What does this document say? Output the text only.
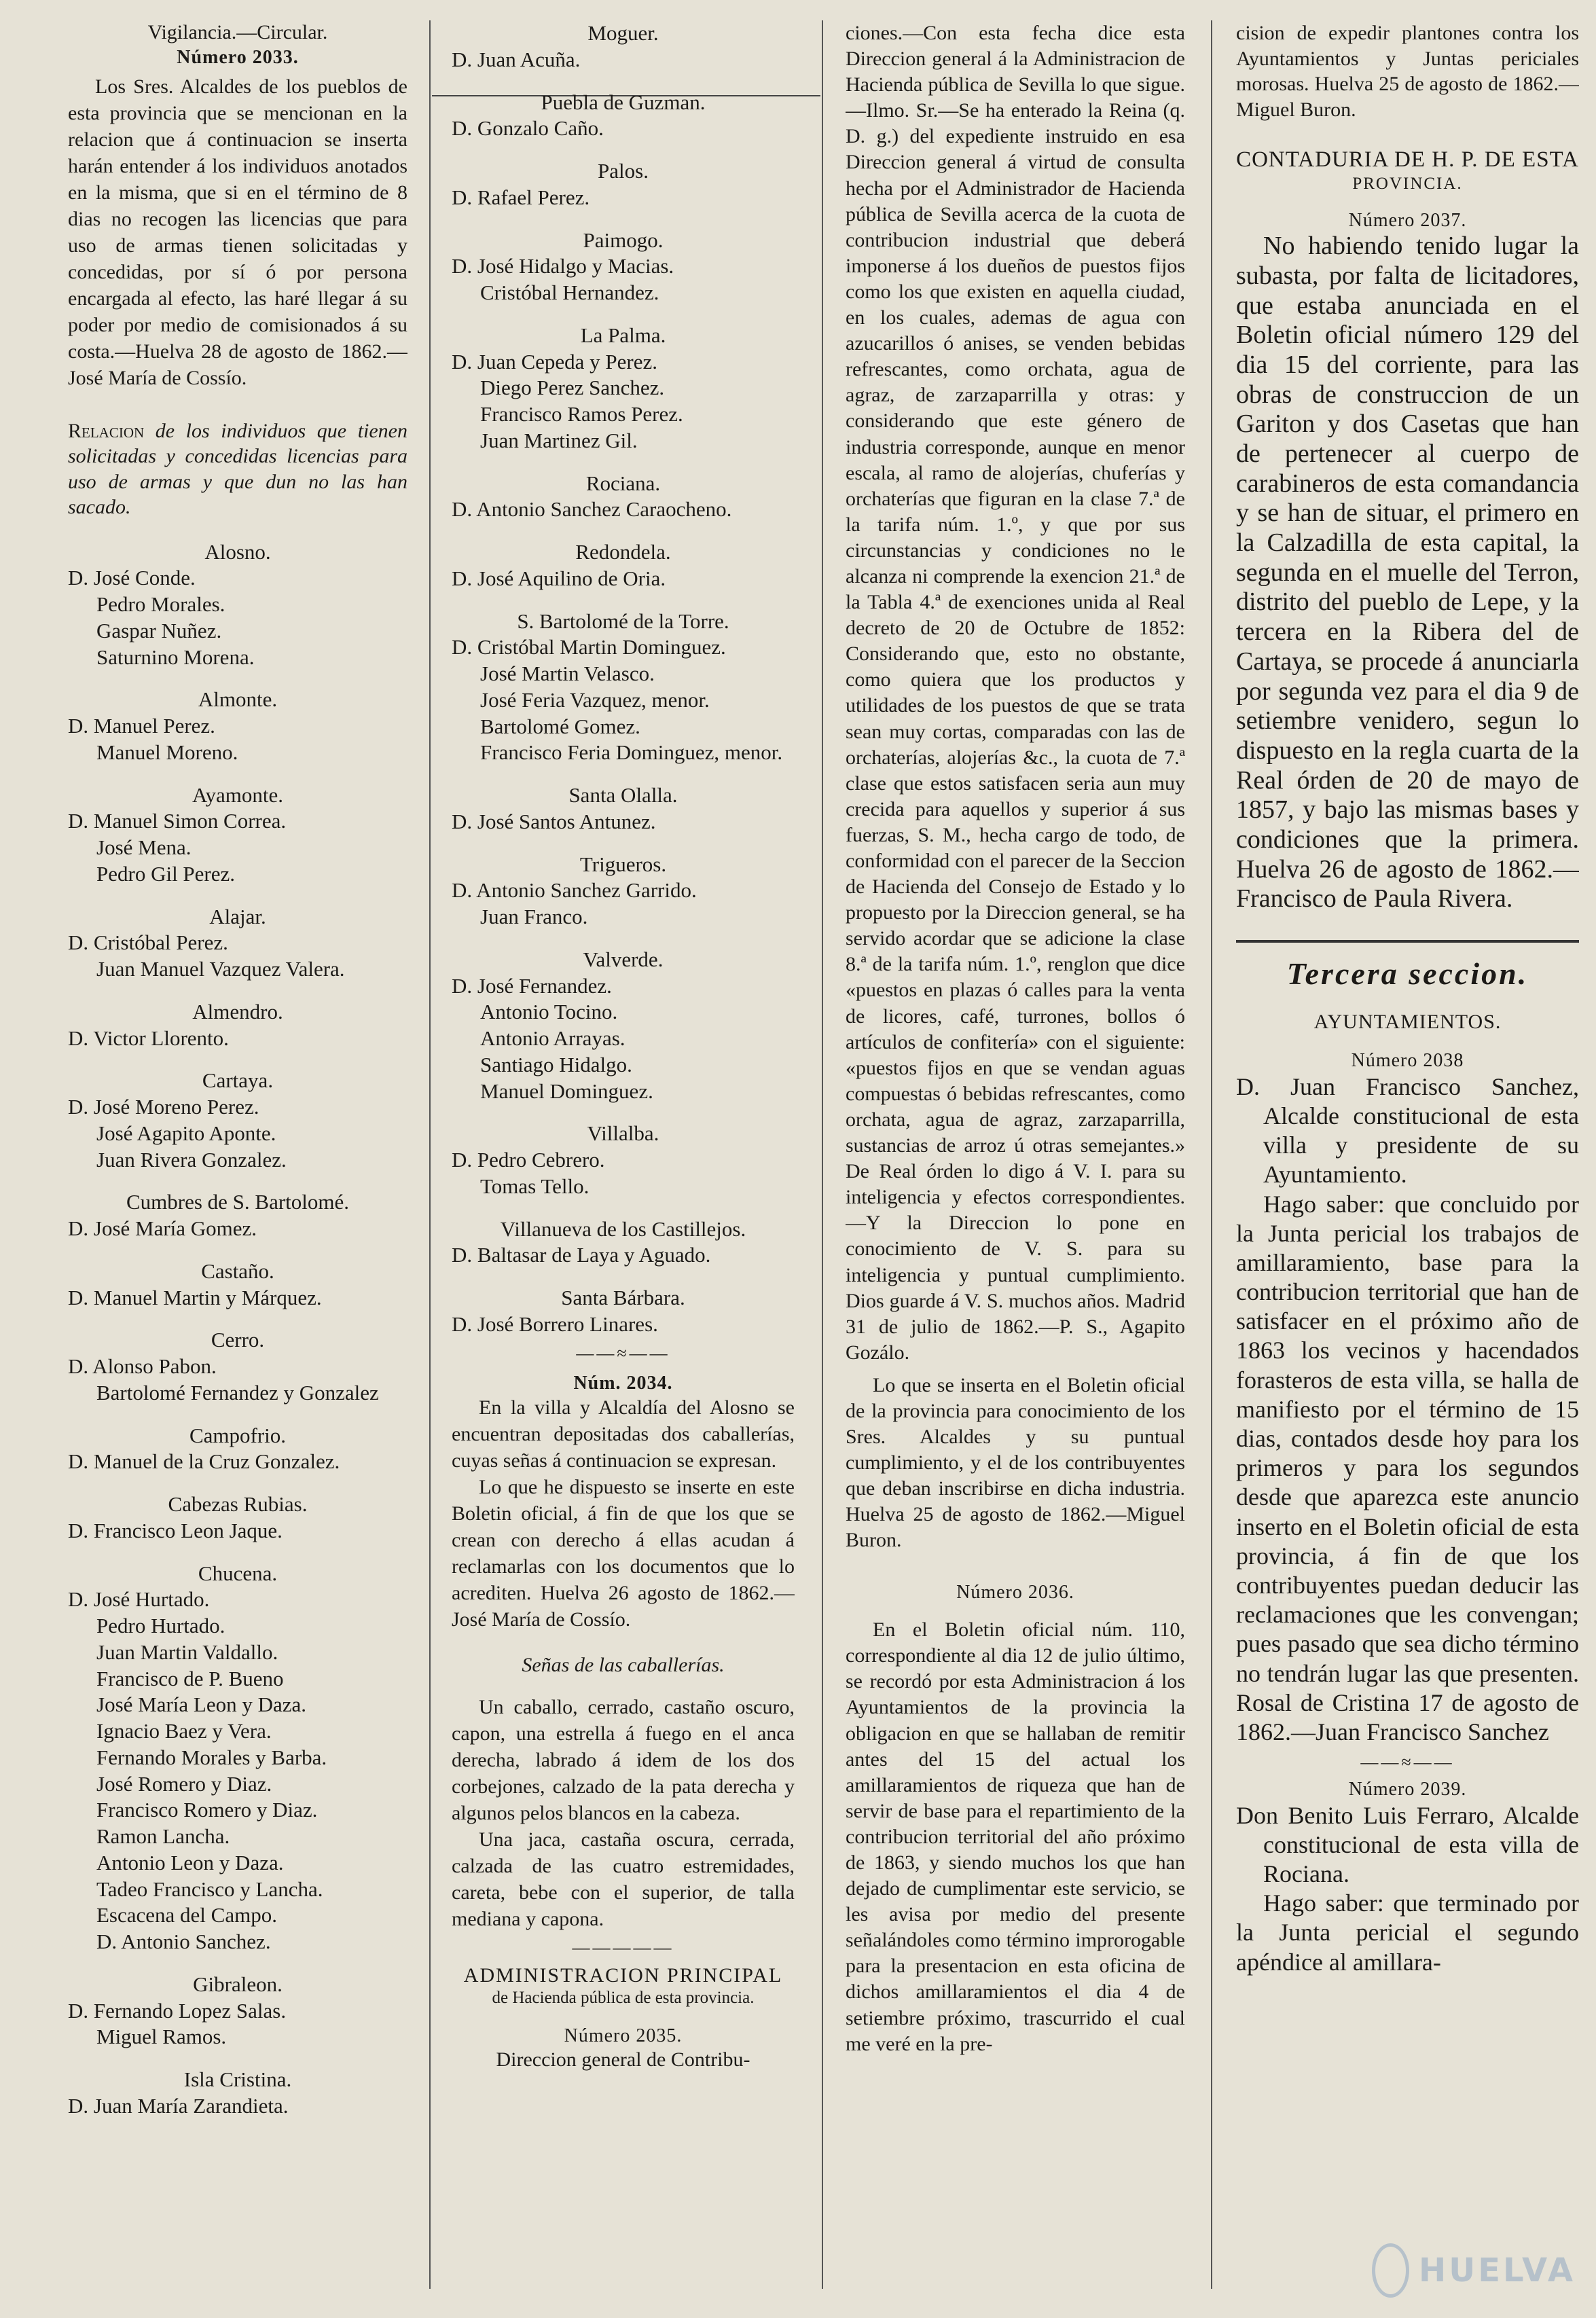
Vigilancia.—Circular.

Número 2033.

Los Sres. Alcaldes de los pueblos de esta provincia que se mencionan en la relacion que á continuacion se inserta harán entender á los individuos anotados en la misma, que si en el término de 8 dias no recogen las licencias que para uso de armas tienen solicitadas y concedidas, por sí ó por persona encargada al efecto, las haré llegar á su poder por medio de comisionados á su costa.—Huelva 28 de agosto de 1862.—José María de Cossío.

Relacion de los individuos que tienen solicitadas y concedidas licencias para uso de armas y que dun no las han sacado.

Alosno.
D. José Conde.
Pedro Morales.
Gaspar Nuñez.
Saturnino Morena.
Almonte.
D. Manuel Perez.
Manuel Moreno.
Ayamonte.
D. Manuel Simon Correa.
José Mena.
Pedro Gil Perez.
Alajar.
D. Cristóbal Perez.
Juan Manuel Vazquez Valera.
Almendro.
D. Victor Llorento.
Cartaya.
D. José Moreno Perez.
José Agapito Aponte.
Juan Rivera Gonzalez.
Cumbres de S. Bartolomé.
D. José María Gomez.
Castaño.
D. Manuel Martin y Márquez.
Cerro.
D. Alonso Pabon.
Bartolomé Fernandez y Gonzalez
Campofrio.
D. Manuel de la Cruz Gonzalez.
Cabezas Rubias.
D. Francisco Leon Jaque.
Chucena.
D. José Hurtado.
Pedro Hurtado.
Juan Martin Valdallo.
Francisco de P. Bueno
José María Leon y Daza.
Ignacio Baez y Vera.
Fernando Morales y Barba.
José Romero y Diaz.
Francisco Romero y Diaz.
Ramon Lancha.
Antonio Leon y Daza.
Tadeo Francisco y Lancha.
Escacena del Campo.
D. Antonio Sanchez.
Gibraleon.
D. Fernando Lopez Salas.
Miguel Ramos.
Isla Cristina.
D. Juan María Zarandieta.
Moguer.
D. Juan Acuña.
Puebla de Guzman.
D. Gonzalo Caño.
Palos.
D. Rafael Perez.
Paimogo.
D. José Hidalgo y Macias.
Cristóbal Hernandez.
La Palma.
D. Juan Cepeda y Perez.
Diego Perez Sanchez.
Francisco Ramos Perez.
Juan Martinez Gil.
Rociana.
D. Antonio Sanchez Caraocheno.
Redondela.
D. José Aquilino de Oria.
S. Bartolomé de la Torre.
D. Cristóbal Martin Dominguez.
José Martin Velasco.
José Feria Vazquez, menor.
Bartolomé Gomez.
Francisco Feria Dominguez, menor.
Santa Olalla.
D. José Santos Antunez.
Trigueros.
D. Antonio Sanchez Garrido.
Juan Franco.
Valverde.
D. José Fernandez.
Antonio Tocino.
Antonio Arrayas.
Santiago Hidalgo.
Manuel Dominguez.
Villalba.
D. Pedro Cebrero.
Tomas Tello.
Villanueva de los Castillejos.
D. Baltasar de Laya y Aguado.
Santa Bárbara.
D. José Borrero Linares.

——≈——

Núm. 2034.

En la villa y Alcaldía del Alosno se encuentran depositadas dos caballerías, cuyas señas á continuacion se expresan.

Lo que he dispuesto se inserte en este Boletin oficial, á fin de que los que se crean con derecho á ellas acudan á reclamarlas con los documentos que lo acrediten. Huelva 26 agosto de 1862.—José María de Cossío.

Señas de las caballerías.

Un caballo, cerrado, castaño oscuro, capon, una estrella á fuego en el anca derecha, labrado á idem de los dos corbejones, calzado de la pata derecha y algunos pelos blancos en la cabeza.

Una jaca, castaña oscura, cerrada, calzada de las cuatro estremidades, careta, bebe con el superior, de talla mediana y capona.

—————

ADMINISTRACION PRINCIPAL

de Hacienda pública de esta provincia.

Número 2035.

Direccion general de Contribu-

ciones.—Con esta fecha dice esta Direccion general á la Administracion de Hacienda pública de Sevilla lo que sigue.—Ilmo. Sr.—Se ha enterado la Reina (q. D. g.) del expediente instruido en esa Direccion general á virtud de consulta hecha por el Administrador de Hacienda pública de Sevilla acerca de la cuota de contribucion industrial que deberá imponerse á los dueños de puestos fijos como los que existen en aquella ciudad, en los cuales, ademas de agua con azucarillos ó anises, se venden bebidas refrescantes, como orchata, agua de agraz, de zarzaparrilla y otras: y considerando que este género de industria corresponde, aunque en menor escala, al ramo de alojerías, chuferías y orchaterías que figuran en la clase 7.ª de la tarifa núm. 1.º, y que por sus circunstancias y condiciones no le alcanza ni comprende la exencion 21.ª de la Tabla 4.ª de exenciones unida al Real decreto de 20 de Octubre de 1852: Considerando que, esto no obstante, como quiera que los productos y utilidades de los puestos de que se trata sean muy cortas, comparadas con las de orchaterías, alojerías &c., la cuota de 7.ª clase que estos satisfacen seria aun muy crecida para aquellos y superior á sus fuerzas, S. M., hecha cargo de todo, de conformidad con el parecer de la Seccion de Hacienda del Consejo de Estado y lo propuesto por la Direccion general, se ha servido acordar que se adicione la clase 8.ª de la tarifa núm. 1.º, renglon que dice «puestos en plazas ó calles para la venta de licores, café, turrones, bollos ó artículos de confitería» con el siguiente: «puestos fijos en que se vendan aguas compuestas ó bebidas refrescantes, como orchata, agua de agraz, zarzaparrilla, sustancias de arroz ú otras semejantes.» De Real órden lo digo á V. I. para su inteligencia y efectos correspondientes.—Y la Direccion lo pone en conocimiento de V. S. para su inteligencia y puntual cumplimiento. Dios guarde á V. S. muchos años. Madrid 31 de julio de 1862.—P. S., Agapito Gozálo.

Lo que se inserta en el Boletin oficial de la provincia para conocimiento de los Sres. Alcaldes y su puntual cumplimiento, y el de los contribuyentes que deban inscribirse en dicha industria. Huelva 25 de agosto de 1862.—Miguel Buron.

Número 2036.

En el Boletin oficial núm. 110, correspondiente al dia 12 de julio último, se recordó por esta Administracion á los Ayuntamientos de la provincia la obligacion en que se hallaban de remitir antes del 15 del actual los amillaramientos de riqueza que han de servir de base para el repartimiento de la contribucion territorial del año próximo de 1863, y siendo muchos los que han dejado de cumplimentar este servicio, se les avisa por medio del presente señalándoles como término improrogable para la presentacion en esta oficina de dichos amillaramientos el dia 4 de setiembre próximo, trascurrido el cual me veré en la pre-

cision de expedir plantones contra los Ayuntamientos y Juntas periciales morosas. Huelva 25 de agosto de 1862.—Miguel Buron.

CONTADURIA DE H. P. DE ESTA

PROVINCIA.

Número 2037.

No habiendo tenido lugar la subasta, por falta de licitadores, que estaba anunciada en el Boletin oficial número 129 del dia 15 del corriente, para las obras de construccion de un Gariton y dos Casetas que han de pertenecer al cuerpo de carabineros de esta comandancia y se han de situar, el primero en la Calzadilla de esta capital, la segunda en el muelle del Terron, distrito del pueblo de Lepe, y la tercera en la Ribera del de Cartaya, se procede á anunciarla por segunda vez para el dia 9 de setiembre venidero, segun lo dispuesto en la regla cuarta de la Real órden de 20 de mayo de 1857, y bajo las mismas bases y condiciones que la primera. Huelva 26 de agosto de 1862.—Francisco de Paula Rivera.

Tercera seccion.

AYUNTAMIENTOS.

Número 2038

D. Juan Francisco Sanchez, Alcalde constitucional de esta villa y presidente de su Ayuntamiento.

Hago saber: que concluido por la Junta pericial los trabajos de amillaramiento, base para la contribucion territorial que han de satisfacer en el próximo año de 1863 los vecinos y hacendados forasteros de esta villa, se halla de manifiesto por el término de 15 dias, contados desde hoy para los primeros y para los segundos desde que aparezca este anuncio inserto en el Boletin oficial de esta provincia, á fin de que los contribuyentes puedan deducir las reclamaciones que les convengan; pues pasado que sea dicho término no tendrán lugar las que presenten. Rosal de Cristina 17 de agosto de 1862.—Juan Francisco Sanchez

——≈——

Número 2039.

Don Benito Luis Ferraro, Alcalde constitucional de esta villa de Rociana.

Hago saber: que terminado por la Junta pericial el segundo apéndice al amillara-

HUELVA
